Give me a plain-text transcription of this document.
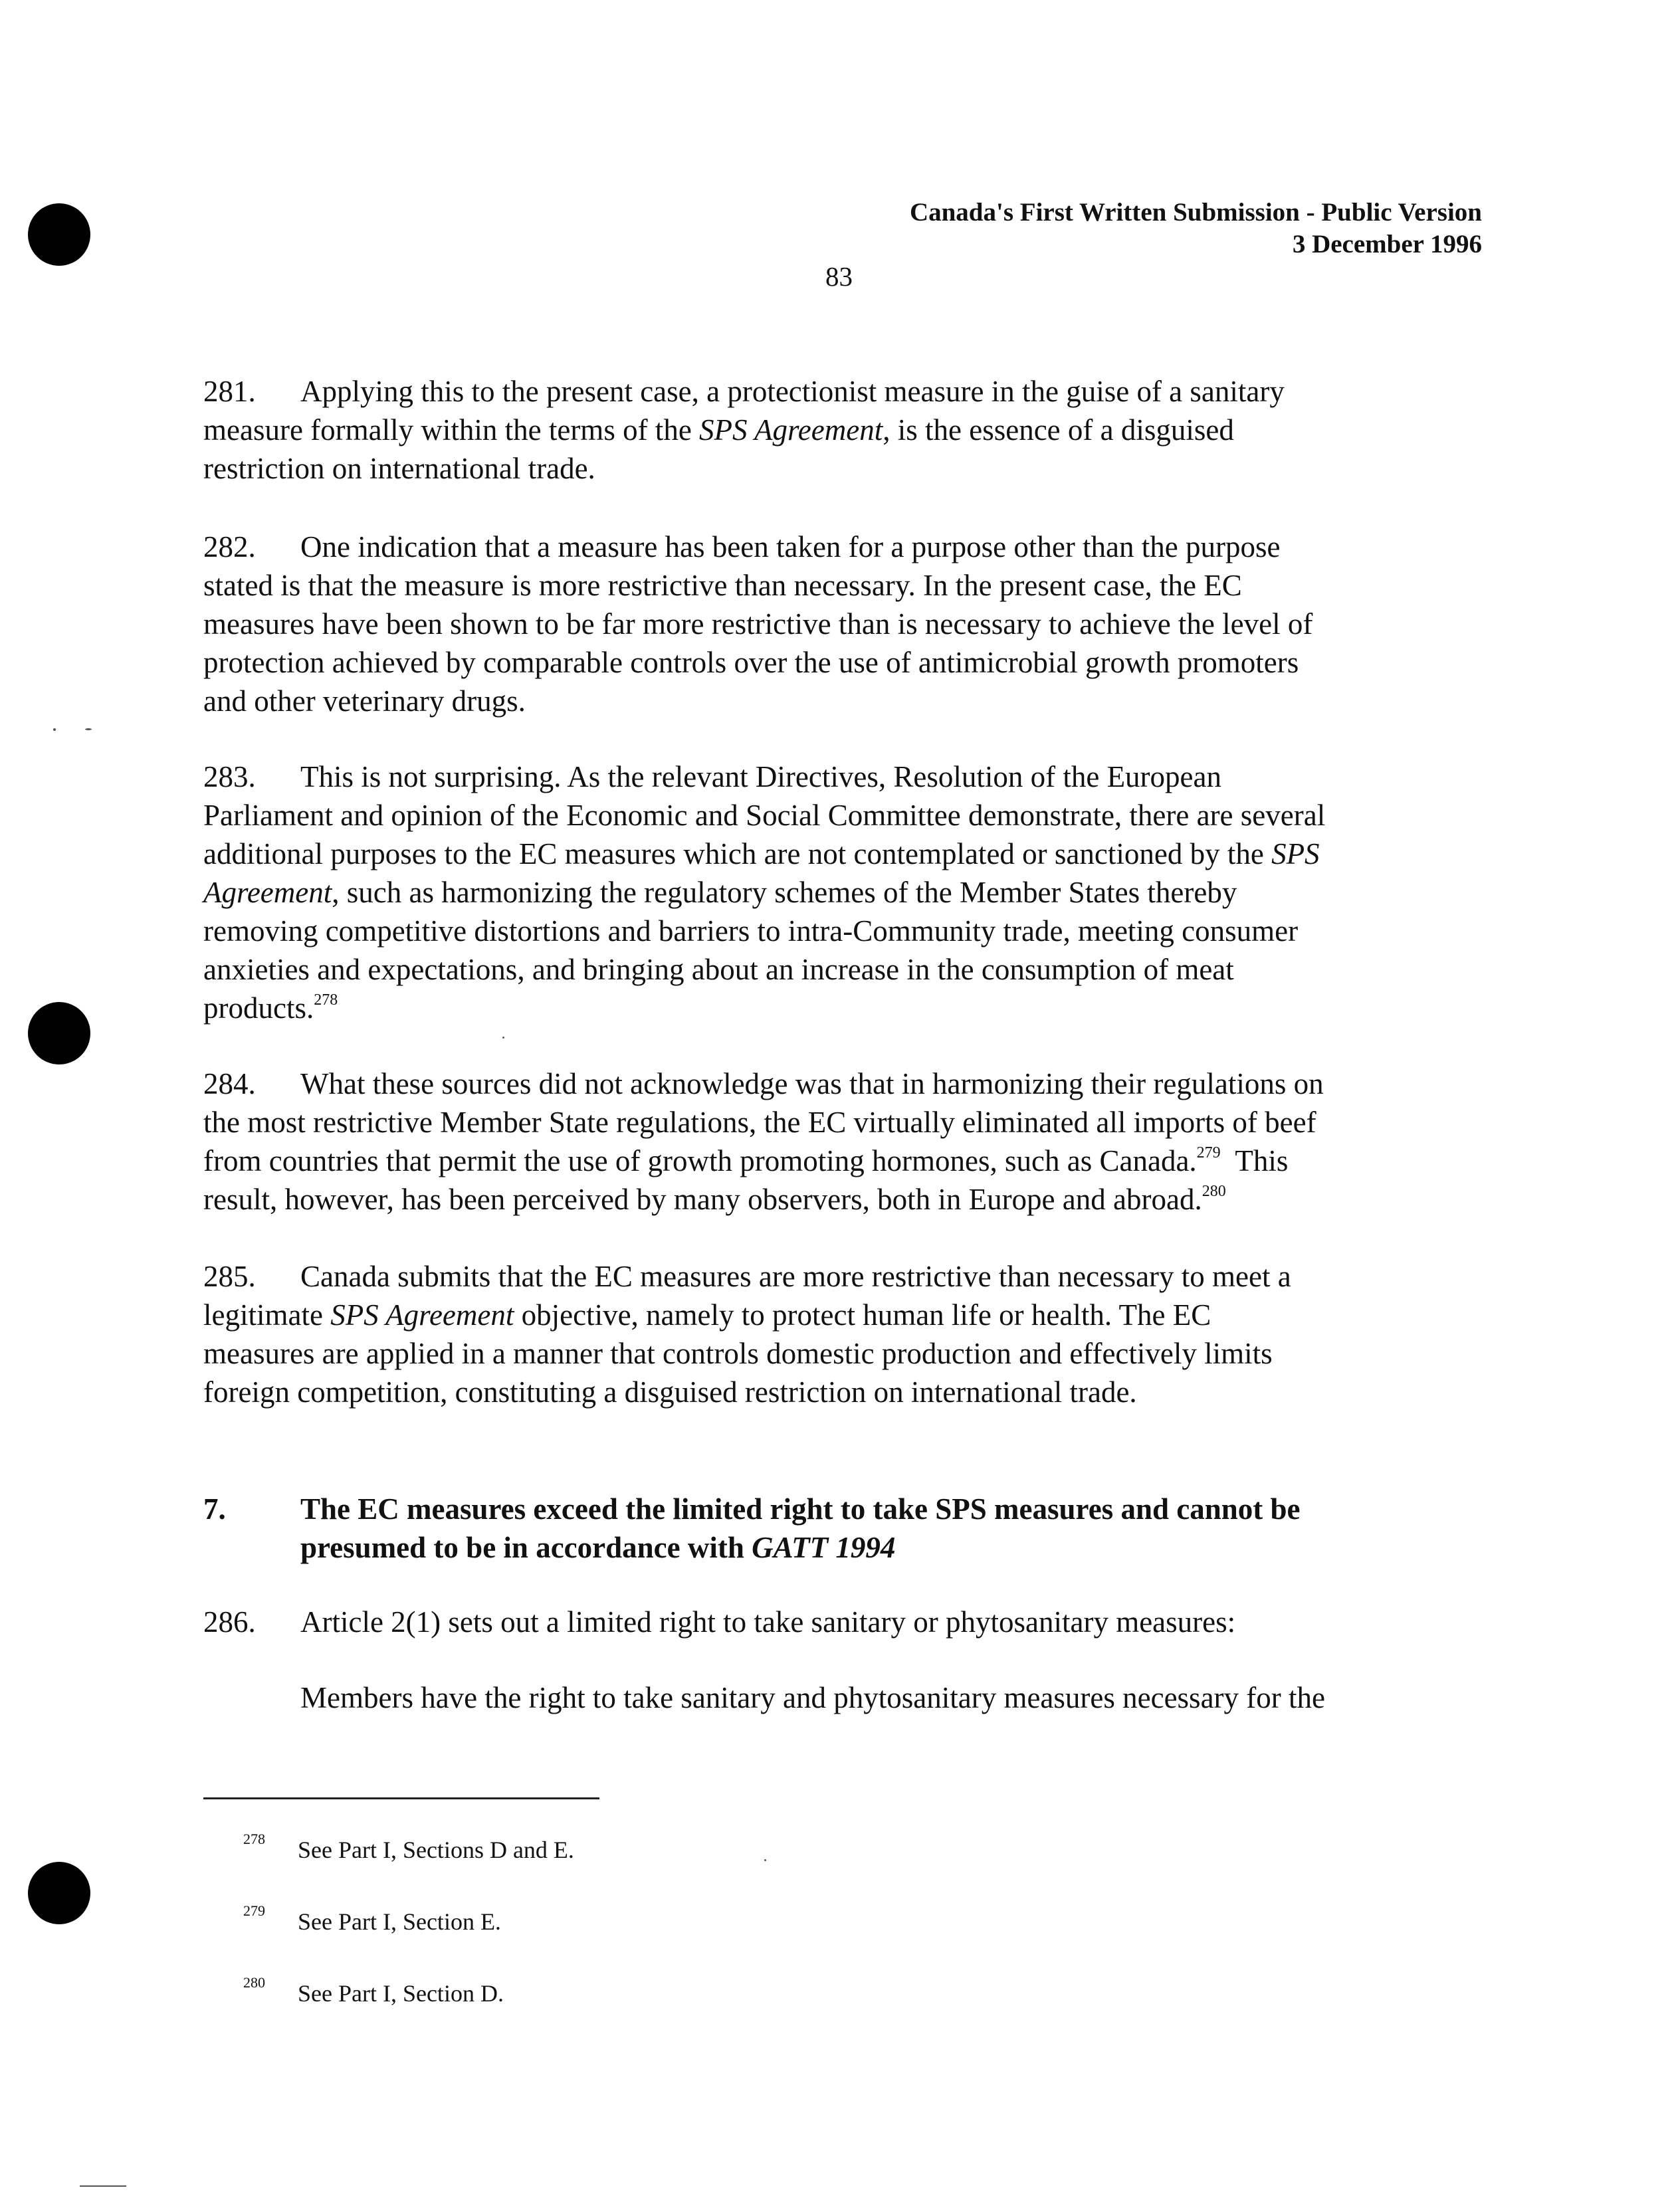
Canada's First Written Submission - Public Version
3 December 1996
83
281. Applying this to the present case, a protectionist measure in the guise of a sanitary
measure formally within the terms of the SPS Agreement, is the essence of a disguised
restriction on international trade.
282. One indication that a measure has been taken for a purpose other than the purpose
stated is that the measure is more restrictive than necessary. In the present case, the EC
measures have been shown to be far more restrictive than is necessary to achieve the level of
protection achieved by comparable controls over the use of antimicrobial growth promoters
and other veterinary drugs.
283. This is not surprising. As the relevant Directives, Resolution of the European
Parliament and opinion of the Economic and Social Committee demonstrate, there are several
additional purposes to the EC measures which are not contemplated or sanctioned by the SPS
Agreement, such as harmonizing the regulatory schemes of the Member States thereby
removing competitive distortions and barriers to intra-Community trade, meeting consumer
anxieties and expectations, and bringing about an increase in the consumption of meat
products.$^{278}$
284. What these sources did not acknowledge was that in harmonizing their regulations on
the most restrictive Member State regulations, the EC virtually eliminated all imports of beef
from countries that permit the use of growth promoting hormones, such as Canada.$^{279}$  This
result, however, has been perceived by many observers, both in Europe and abroad.$^{280}$
285. Canada submits that the EC measures are more restrictive than necessary to meet a
legitimate SPS Agreement objective, namely to protect human life or health. The EC
measures are applied in a manner that controls domestic production and effectively limits
foreign competition, constituting a disguised restriction on international trade.
7. The EC measures exceed the limited right to take SPS measures and cannot be
presumed to be in accordance with GATT 1994
286. Article 2(1) sets out a limited right to take sanitary or phytosanitary measures:
Members have the right to take sanitary and phytosanitary measures necessary for the
$^{278}$ See Part I, Sections D and E.
$^{279}$ See Part I, Section E.
$^{280}$ See Part I, Section D.
